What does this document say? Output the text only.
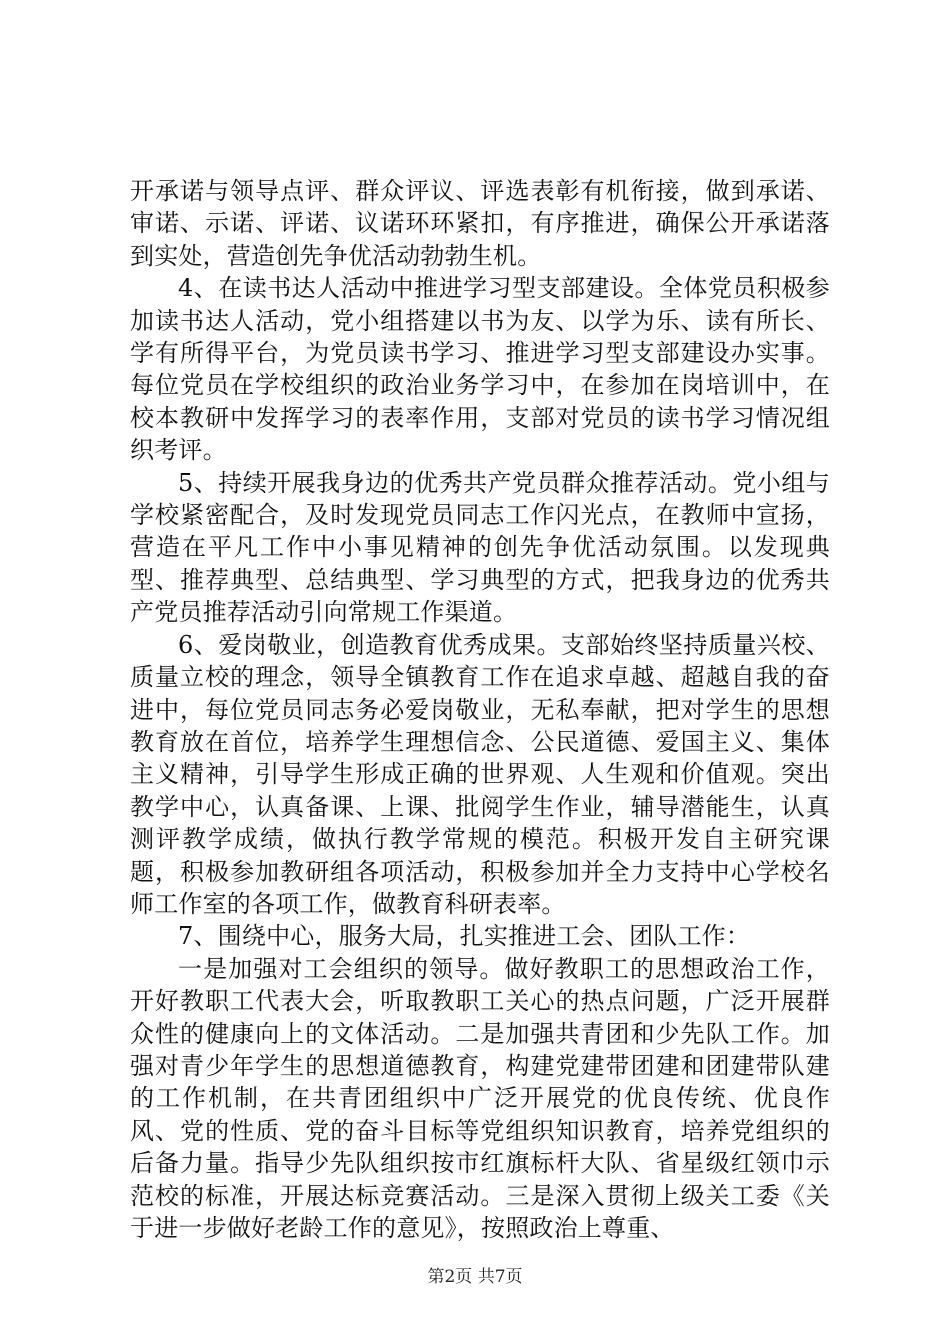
开承诺与领导点评、群众评议、评选表彰有机衔接，做到承诺、审诺、示诺、评诺、议诺环环紧扣，有序推进，确保公开承诺落到实处，营造创先争优活动勃勃生机。

4、在读书达人活动中推进学习型支部建设。全体党员积极参加读书达人活动，党小组搭建以书为友、以学为乐、读有所长、学有所得平台，为党员读书学习、推进学习型支部建设办实事。每位党员在学校组织的政治业务学习中，在参加在岗培训中，在校本教研中发挥学习的表率作用，支部对党员的读书学习情况组织考评。

5、持续开展我身边的优秀共产党员群众推荐活动。党小组与学校紧密配合，及时发现党员同志工作闪光点，在教师中宣扬，营造在平凡工作中小事见精神的创先争优活动氛围。以发现典型、推荐典型、总结典型、学习典型的方式，把我身边的优秀共产党员推荐活动引向常规工作渠道。

6、爱岗敬业，创造教育优秀成果。支部始终坚持质量兴校、质量立校的理念，领导全镇教育工作在追求卓越、超越自我的奋进中，每位党员同志务必爱岗敬业，无私奉献，把对学生的思想教育放在首位，培养学生理想信念、公民道德、爱国主义、集体主义精神，引导学生形成正确的世界观、人生观和价值观。突出教学中心，认真备课、上课、批阅学生作业，辅导潜能生，认真测评教学成绩，做执行教学常规的模范。积极开发自主研究课题，积极参加教研组各项活动，积极参加并全力支持中心学校名师工作室的各项工作，做教育科研表率。

7、围绕中心，服务大局，扎实推进工会、团队工作：

一是加强对工会组织的领导。做好教职工的思想政治工作，开好教职工代表大会，听取教职工关心的热点问题，广泛开展群众性的健康向上的文体活动。二是加强共青团和少先队工作。加强对青少年学生的思想道德教育，构建党建带团建和团建带队建的工作机制，在共青团组织中广泛开展党的优良传统、优良作风、党的性质、党的奋斗目标等党组织知识教育，培养党组织的后备力量。指导少先队组织按市红旗标杆大队、省星级红领巾示范校的标准，开展达标竞赛活动。三是深入贯彻上级关工委《关于进一步做好老龄工作的意见》，按照政治上尊重、

第2页 共7页
